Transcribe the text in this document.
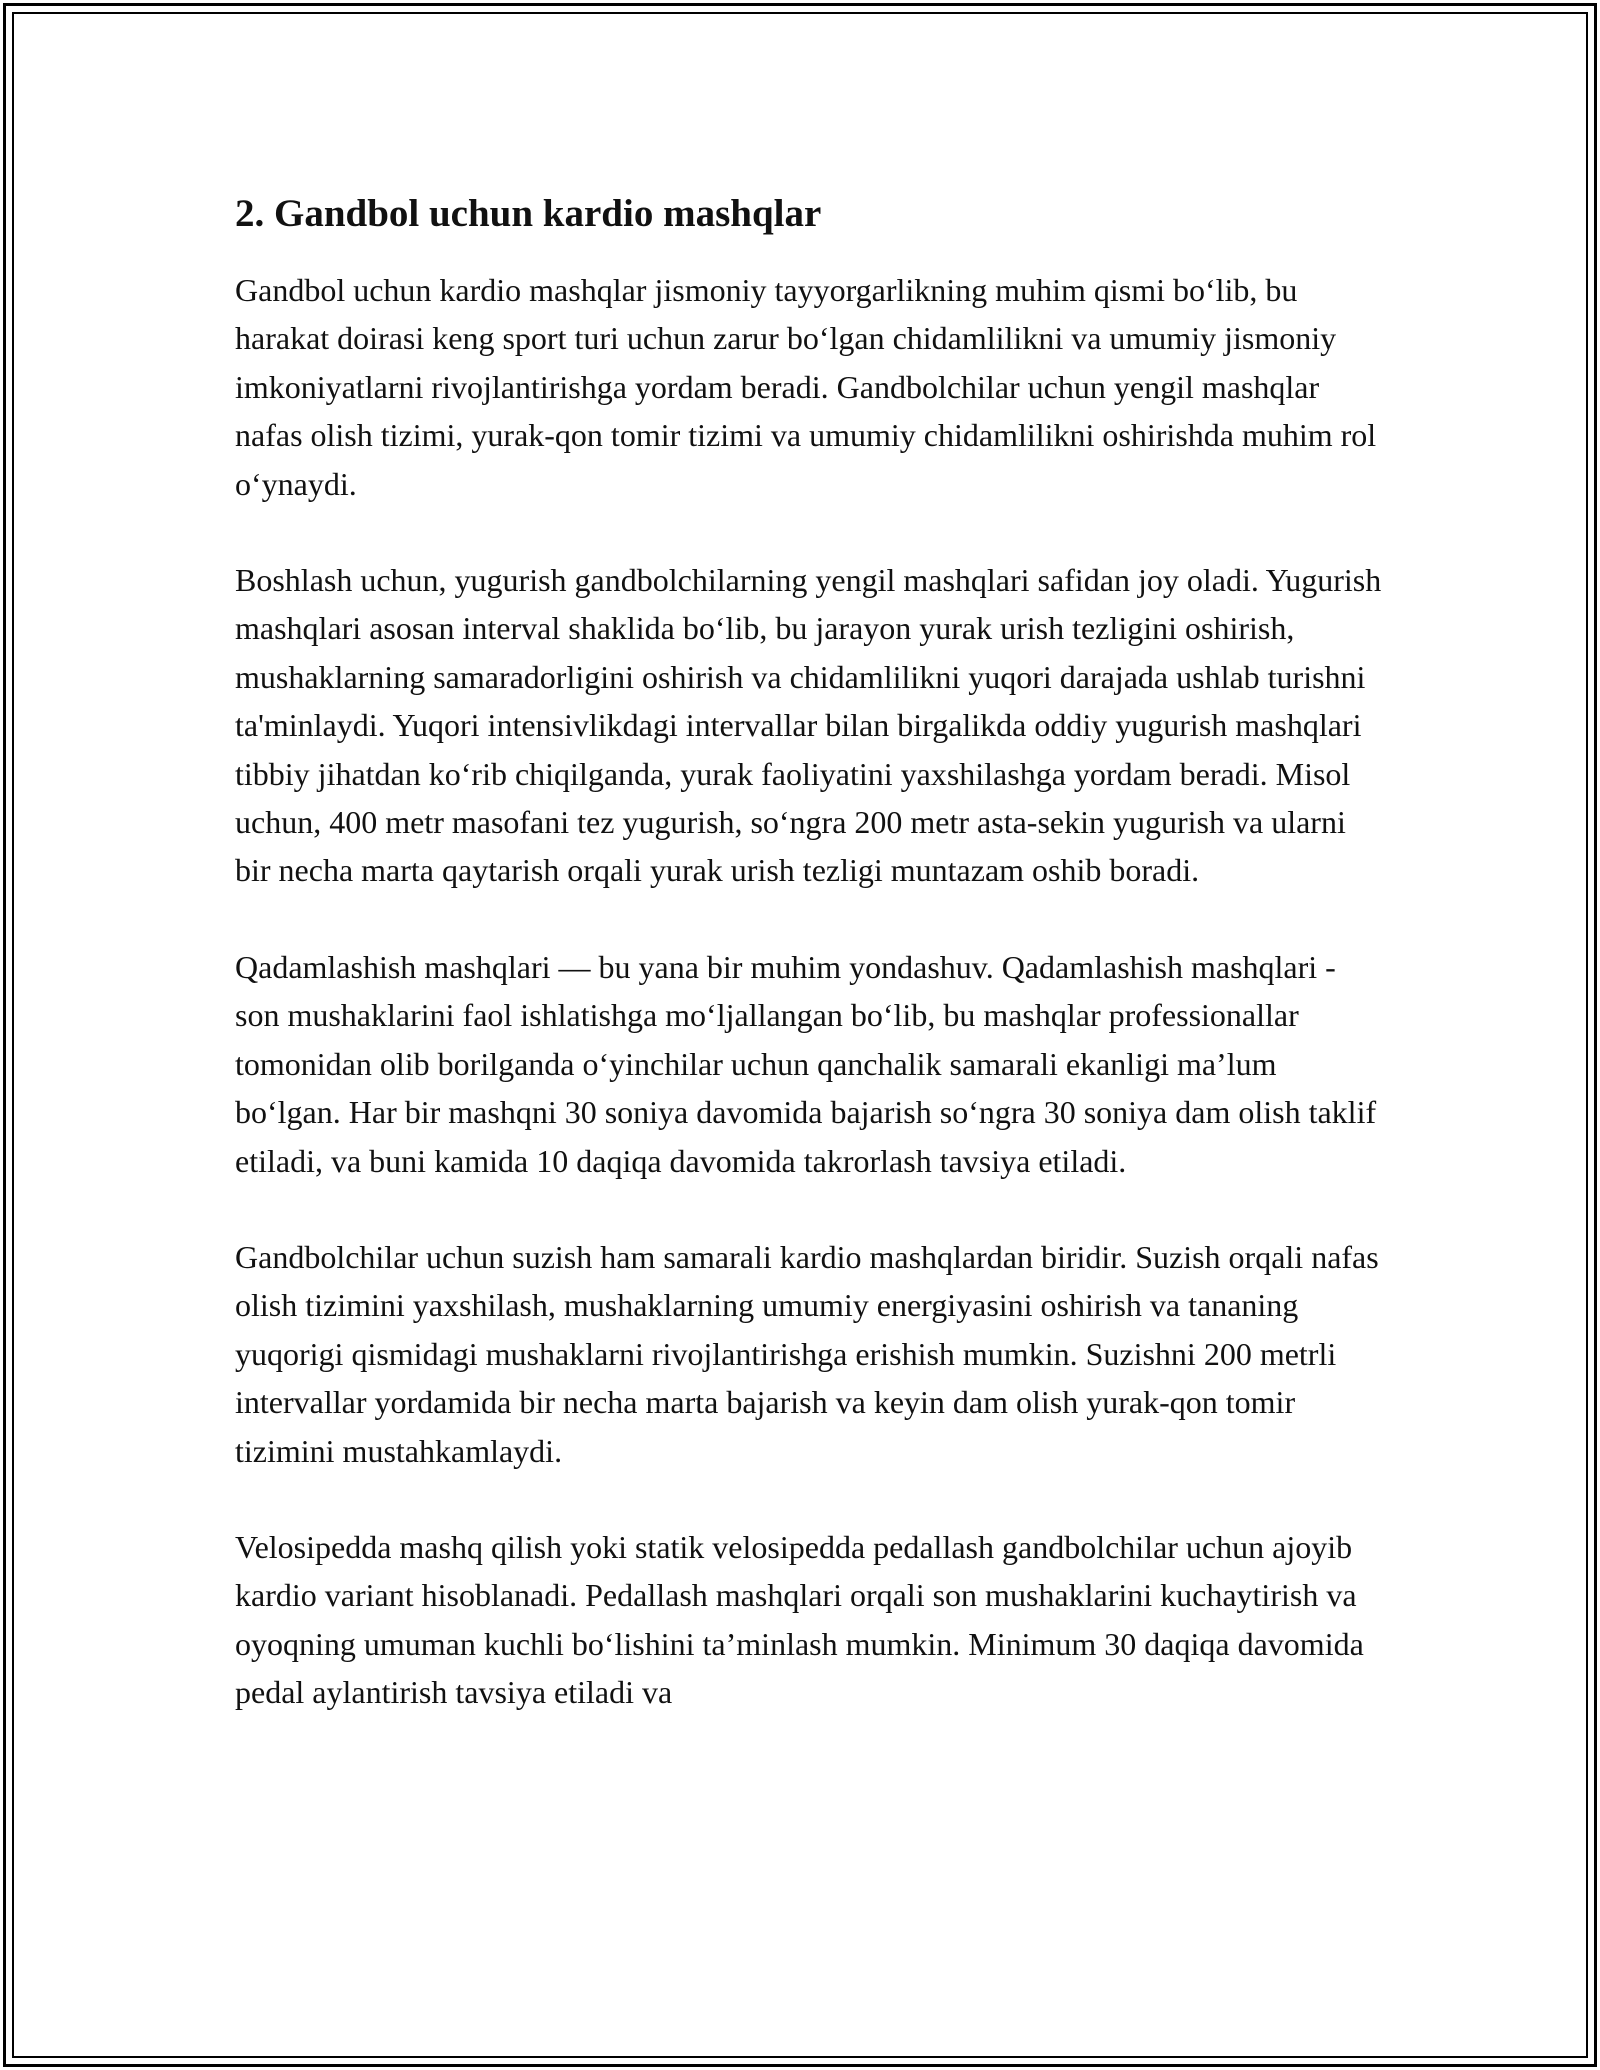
2. Gandbol uchun kardio mashqlar

Gandbol uchun kardio mashqlar jismoniy tayyorgarlikning muhim qismi bo‘lib, bu harakat doirasi keng sport turi uchun zarur bo‘lgan chidamlilikni va umumiy jismoniy imkoniyatlarni rivojlantirishga yordam beradi. Gandbolchilar uchun yengil mashqlar nafas olish tizimi, yurak-qon tomir tizimi va umumiy chidamlilikni oshirishda muhim rol o‘ynaydi.

Boshlash uchun, yugurish gandbolchilarning yengil mashqlari safidan joy oladi. Yugurish mashqlari asosan interval shaklida bo‘lib, bu jarayon yurak urish tezligini oshirish, mushaklarning samaradorligini oshirish va chidamlilikni yuqori darajada ushlab turishni ta'minlaydi. Yuqori intensivlikdagi intervallar bilan birgalikda oddiy yugurish mashqlari tibbiy jihatdan ko‘rib chiqilganda, yurak faoliyatini yaxshilashga yordam beradi. Misol uchun, 400 metr masofani tez yugurish, so‘ngra 200 metr asta-sekin yugurish va ularni bir necha marta qaytarish orqali yurak urish tezligi muntazam oshib boradi.

Qadamlashish mashqlari — bu yana bir muhim yondashuv. Qadamlashish mashqlari - son mushaklarini faol ishlatishga mo‘ljallangan bo‘lib, bu mashqlar professionallar tomonidan olib borilganda o‘yinchilar uchun qanchalik samarali ekanligi ma’lum bo‘lgan. Har bir mashqni 30 soniya davomida bajarish so‘ngra 30 soniya dam olish taklif etiladi, va buni kamida 10 daqiqa davomida takrorlash tavsiya etiladi.

Gandbolchilar uchun suzish ham samarali kardio mashqlardan biridir. Suzish orqali nafas olish tizimini yaxshilash, mushaklarning umumiy energiyasini oshirish va tananing yuqorigi qismidagi mushaklarni rivojlantirishga erishish mumkin. Suzishni 200 metrli intervallar yordamida bir necha marta bajarish va keyin dam olish yurak-qon tomir tizimini mustahkamlaydi.

Velosipedda mashq qilish yoki statik velosipedda pedallash gandbolchilar uchun ajoyib kardio variant hisoblanadi. Pedallash mashqlari orqali son mushaklarini kuchaytirish va oyoqning umuman kuchli bo‘lishini ta’minlash mumkin. Minimum 30 daqiqa davomida pedal aylantirish tavsiya etiladi va
